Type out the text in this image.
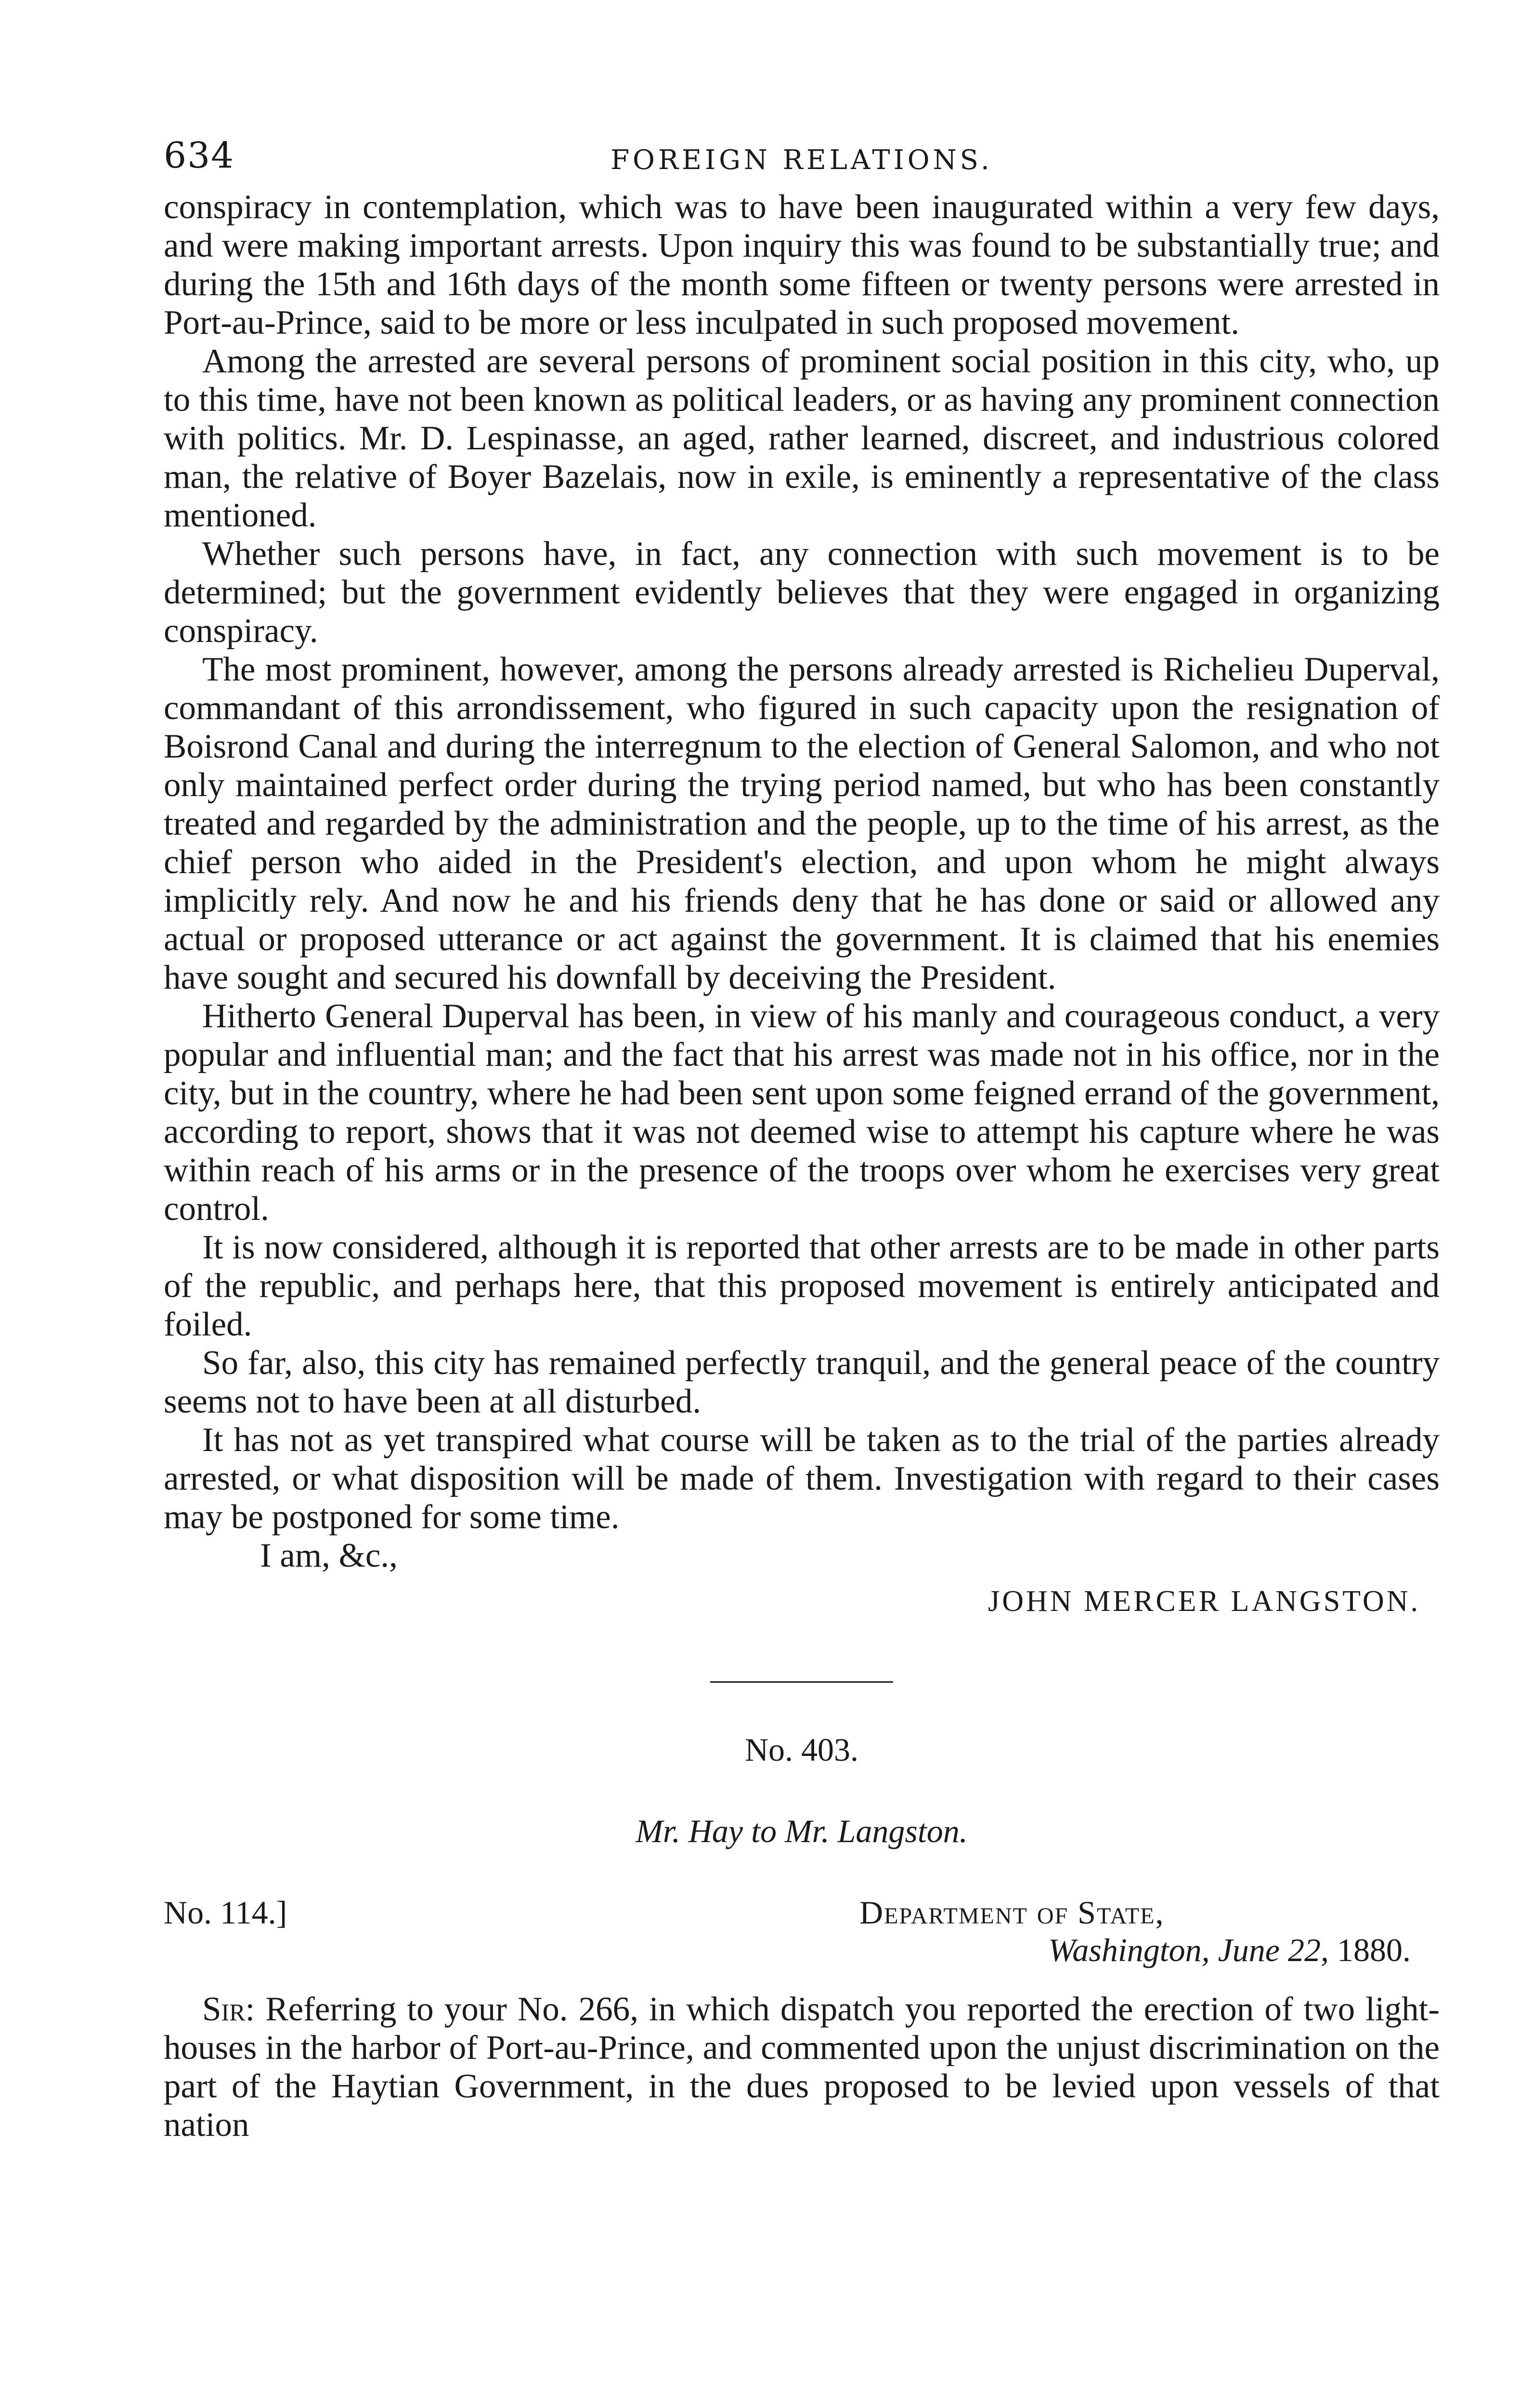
634	FOREIGN RELATIONS.

conspiracy in contemplation, which was to have been inaugurated within a very few days, and were making important arrests. Upon inquiry this was found to be substantially true; and during the 15th and 16th days of the month some fifteen or twenty persons were arrested in Port-au-Prince, said to be more or less inculpated in such proposed movement.

Among the arrested are several persons of prominent social position in this city, who, up to this time, have not been known as political leaders, or as having any prominent connection with politics. Mr. D. Lespinasse, an aged, rather learned, discreet, and industrious colored man, the relative of Boyer Bazelais, now in exile, is eminently a representative of the class mentioned.

Whether such persons have, in fact, any connection with such movement is to be determined; but the government evidently believes that they were engaged in organizing conspiracy.

The most prominent, however, among the persons already arrested is Richelieu Duperval, commandant of this arrondissement, who figured in such capacity upon the resignation of Boisrond Canal and during the interregnum to the election of General Salomon, and who not only maintained perfect order during the trying period named, but who has been constantly treated and regarded by the administration and the people, up to the time of his arrest, as the chief person who aided in the President's election, and upon whom he might always implicitly rely. And now he and his friends deny that he has done or said or allowed any actual or proposed utterance or act against the government. It is claimed that his enemies have sought and secured his downfall by deceiving the President.

Hitherto General Duperval has been, in view of his manly and courageous conduct, a very popular and influential man; and the fact that his arrest was made not in his office, nor in the city, but in the country, where he had been sent upon some feigned errand of the government, according to report, shows that it was not deemed wise to attempt his capture where he was within reach of his arms or in the presence of the troops over whom he exercises very great control.

It is now considered, although it is reported that other arrests are to be made in other parts of the republic, and perhaps here, that this proposed movement is entirely anticipated and foiled.

So far, also, this city has remained perfectly tranquil, and the general peace of the country seems not to have been at all disturbed.

It has not as yet transpired what course will be taken as to the trial of the parties already arrested, or what disposition will be made of them. Investigation with regard to their cases may be postponed for some time.

I am, &c.,
JOHN MERCER LANGSTON.
No. 403.
Mr. Hay to Mr. Langston.
No. 114.]	Department of State,
Washington, June 22, 1880.

Sir: Referring to your No. 266, in which dispatch you reported the erection of two light-houses in the harbor of Port-au-Prince, and commented upon the unjust discrimination on the part of the Haytian Government, in the dues proposed to be levied upon vessels of that nation
